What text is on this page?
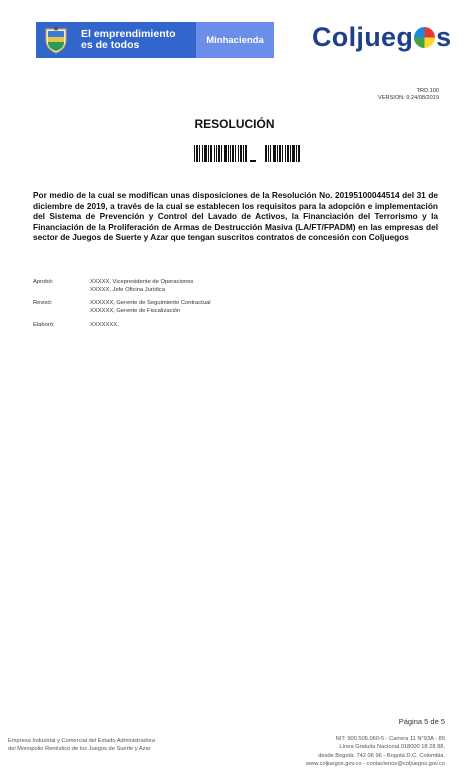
El emprendimiento
es de todos	Minhacienda	Coljue g s
TRD.100
VERSION: 9.24/08/2019
RESOLUCIÓN
Por medio de la cual se modifican unas disposiciones de la Resolución No. 20195100044514 del 31 de diciembre de 2019, a través de la cual se establecen los requisitos para la adopción e implementación del Sistema de Prevención y Control del Lavado de Activos, la Financiación del Terrorismo y la Financiación de la Proliferación de Armas de Destrucción Masiva (LA/FT/FPADM) en las empresas del sector de Juegos de Suerte y Azar que tengan suscritos contratos de concesión con Coljuegos
Aprobó:	XXXXX, Vicepresidente de Operaciones
XXXXX, Jefe Oficina Jurídica
Revisó:	XXXXXX, Gerente de Seguimiento Contractual
XXXXXX, Gerente de Fiscalización
Elaboró:	XXXXXXX,
Página 5 de 5
Empresa Industrial y Comercial del Estado Administradora
del Monopolio Rentístico de los Juegos de Suerte y Azar
NIT: 900.505.060-5 - Carrera 11 N°93A - 85
Línea Gratuita Nacional 018000 18 28 88,
desde Bogotá: 742 06 96 - Bogotá D.C. Colombia.
www.coljuegos.gov.co - contactenos@coljuegos.gov.co
